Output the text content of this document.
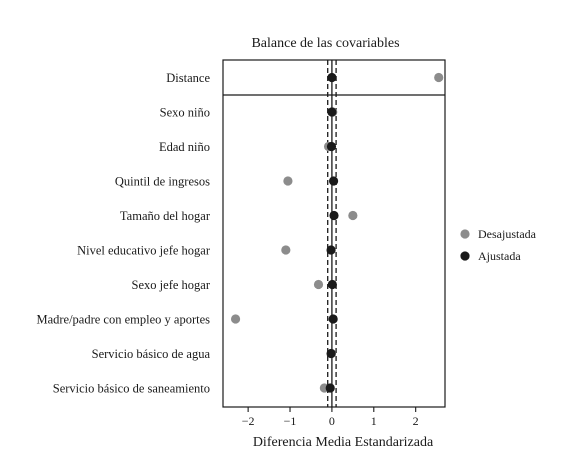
Balance de las covariables
Distance
Sexo niño
Edad niño
Quintil de ingresos
Tamaño del hogar
Nivel educativo jefe hogar
Sexo jefe hogar
Madre/padre con empleo y aportes
Servicio básico de agua
Servicio básico de saneamiento
−2 −1	0	1	2
Diferencia Media Estandarizada
Desajustada
Ajustada
